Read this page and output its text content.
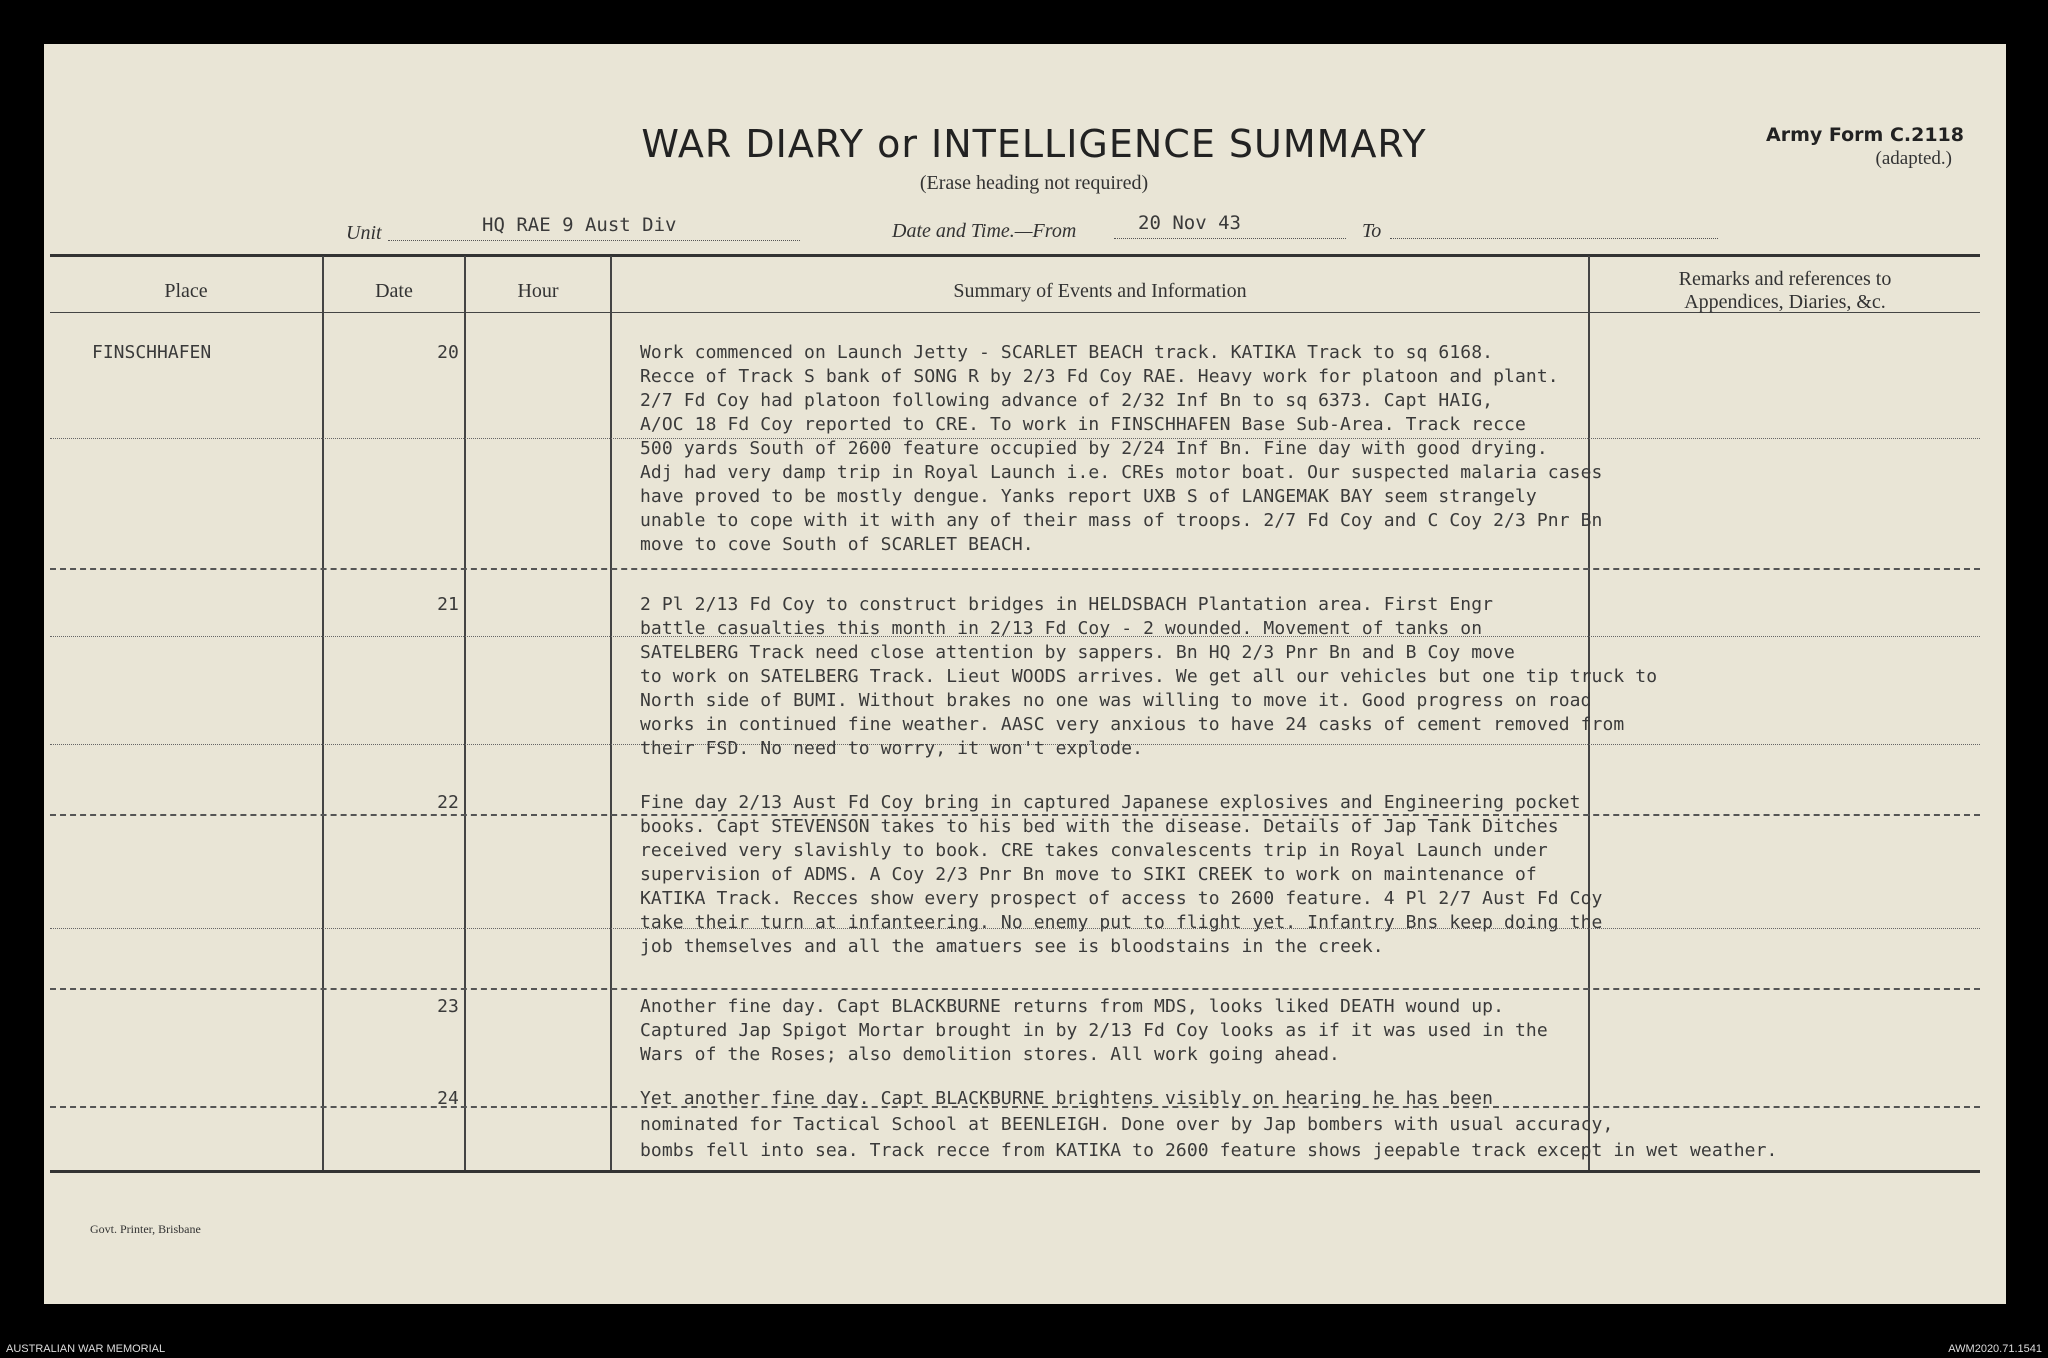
WAR DIARY or INTELLIGENCE SUMMARY
(Erase heading not required)
Army Form C.2118
(adapted.)
Unit	HQ RAE 9 Aust Div	Date and Time.—From	20 Nov 43	To
Place	Date	Hour	Summary of Events and Information
Remarks and references to
Appendices, Diaries, &c.
FINSCHHAFEN	20	Work commenced on Launch Jetty - SCARLET BEACH track. KATIKA Track to sq 6168.
Recce of Track S bank of SONG R by 2/3 Fd Coy RAE. Heavy work for platoon and plant.
2/7 Fd Coy had platoon following advance of 2/32 Inf Bn to sq 6373. Capt HAIG,
A/OC 18 Fd Coy reported to CRE. To work in FINSCHHAFEN Base Sub-Area. Track recce
500 yards South of 2600 feature occupied by 2/24 Inf Bn. Fine day with good drying.
Adj had very damp trip in Royal Launch i.e. CREs motor boat. Our suspected malaria cases
have proved to be mostly dengue. Yanks report UXB S of LANGEMAK BAY seem strangely
unable to cope with it with any of their mass of troops. 2/7 Fd Coy and C Coy 2/3 Pnr Bn
move to cove South of SCARLET BEACH.
21	2 Pl 2/13 Fd Coy to construct bridges in HELDSBACH Plantation area. First Engr
battle casualties this month in 2/13 Fd Coy - 2 wounded. Movement of tanks on
SATELBERG Track need close attention by sappers. Bn HQ 2/3 Pnr Bn and B Coy move
to work on SATELBERG Track. Lieut WOODS arrives. We get all our vehicles but one tip truck to
North side of BUMI. Without brakes no one was willing to move it. Good progress on road
works in continued fine weather. AASC very anxious to have 24 casks of cement removed from
their FSD. No need to worry, it won't explode.
22	Fine day 2/13 Aust Fd Coy bring in captured Japanese explosives and Engineering pocket
books. Capt STEVENSON takes to his bed with the disease. Details of Jap Tank Ditches
received very slavishly to book. CRE takes convalescents trip in Royal Launch under
supervision of ADMS. A Coy 2/3 Pnr Bn move to SIKI CREEK to work on maintenance of
KATIKA Track. Recces show every prospect of access to 2600 feature. 4 Pl 2/7 Aust Fd Coy
take their turn at infanteering. No enemy put to flight yet. Infantry Bns keep doing the
job themselves and all the amatuers see is bloodstains in the creek.
23	Another fine day. Capt BLACKBURNE returns from MDS, looks liked DEATH wound up.
Captured Jap Spigot Mortar brought in by 2/13 Fd Coy looks as if it was used in the
Wars of the Roses; also demolition stores. All work going ahead.
24	Yet another fine day. Capt BLACKBURNE brightens visibly on hearing he has been
nominated for Tactical School at BEENLEIGH. Done over by Jap bombers with usual accuracy,
bombs fell into sea. Track recce from KATIKA to 2600 feature shows jeepable track except in wet weather.
Govt. Printer, Brisbane
AUSTRALIAN WAR MEMORIAL	AWM2020.71.1541
